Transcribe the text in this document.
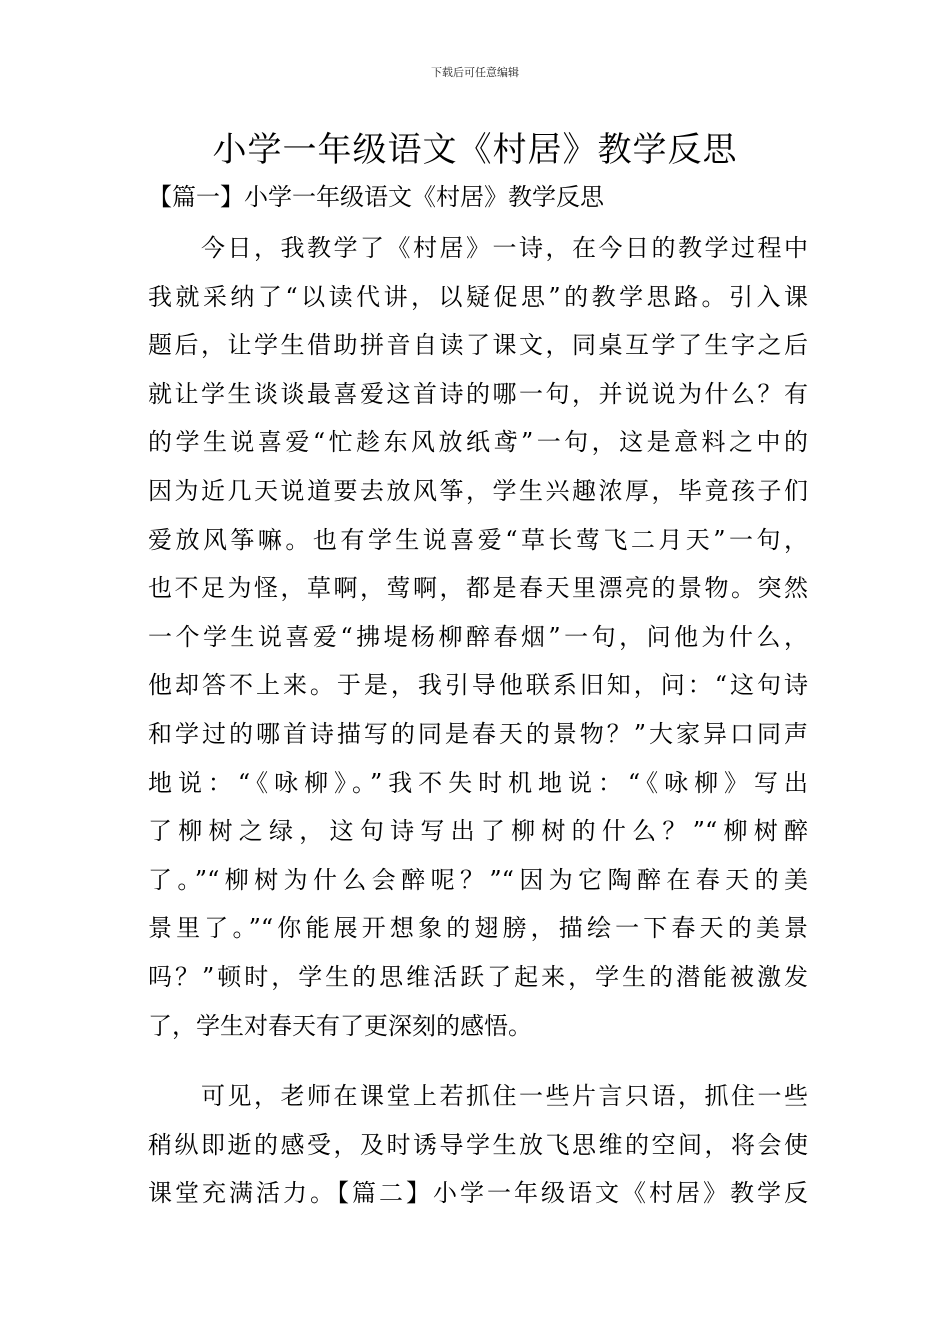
下载后可任意编辑
小学一年级语文《村居》教学反思
【篇一】小学一年级语文《村居》教学反思
　　今日，我教学了《村居》一诗，在今日的教学过程中
我就采纳了“以读代讲，以疑促思”的教学思路。引入课
题后，让学生借助拼音自读了课文，同桌互学了生字之后
就让学生谈谈最喜爱这首诗的哪一句，并说说为什么？有
的学生说喜爱“忙趁东风放纸鸢”一句，这是意料之中的
因为近几天说道要去放风筝，学生兴趣浓厚，毕竟孩子们
爱放风筝嘛。也有学生说喜爱“草长莺飞二月天”一句，
也不足为怪，草啊，莺啊，都是春天里漂亮的景物。突然
一个学生说喜爱“拂堤杨柳醉春烟”一句，问他为什么，
他却答不上来。于是，我引导他联系旧知，问：“这句诗
和学过的哪首诗描写的同是春天的景物？”大家异口同声
地说：“《咏柳》。”我不失时机地说：“《咏柳》写出
了柳树之绿，这句诗写出了柳树的什么？”“柳树醉
了。”“柳树为什么会醉呢？”“因为它陶醉在春天的美
景里了。”“你能展开想象的翅膀，描绘一下春天的美景
吗？”顿时，学生的思维活跃了起来，学生的潜能被激发
了，学生对春天有了更深刻的感悟。
　　可见，老师在课堂上若抓住一些片言只语，抓住一些
稍纵即逝的感受，及时诱导学生放飞思维的空间，将会使
课堂充满活力。【篇二】小学一年级语文《村居》教学反
